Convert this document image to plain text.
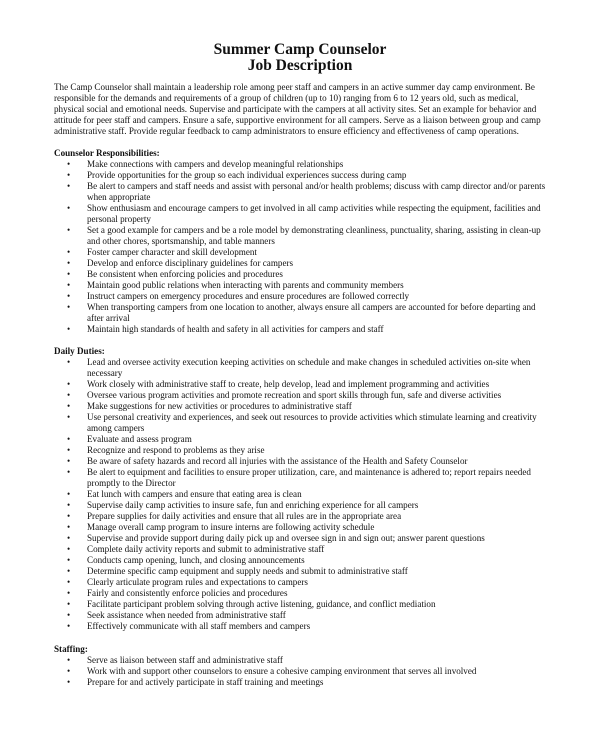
Summer Camp Counselor
Job Description

The Camp Counselor shall maintain a leadership role among peer staff and campers in an active summer day camp environment. Be responsible for the demands and requirements of a group of children (up to 10) ranging from 6 to 12 years old, such as medical, physical social and emotional needs. Supervise and participate with the campers at all activity sites. Set an example for behavior and attitude for peer staff and campers. Ensure a safe, supportive environment for all campers. Serve as a liaison between group and camp administrative staff. Provide regular feedback to camp administrators to ensure efficiency and effectiveness of camp operations.

Counselor Responsibilities:
• Make connections with campers and develop meaningful relationships
• Provide opportunities for the group so each individual experiences success during camp
• Be alert to campers and staff needs and assist with personal and/or health problems; discuss with camp director and/or parents when appropriate
• Show enthusiasm and encourage campers to get involved in all camp activities while respecting the equipment, facilities and personal property
• Set a good example for campers and be a role model by demonstrating cleanliness, punctuality, sharing, assisting in clean-up and other chores, sportsmanship, and table manners
• Foster camper character and skill development
• Develop and enforce disciplinary guidelines for campers
• Be consistent when enforcing policies and procedures
• Maintain good public relations when interacting with parents and community members
• Instruct campers on emergency procedures and ensure procedures are followed correctly
• When transporting campers from one location to another, always ensure all campers are accounted for before departing and after arrival
• Maintain high standards of health and safety in all activities for campers and staff
Daily Duties:
• Lead and oversee activity execution keeping activities on schedule and make changes in scheduled activities on-site when necessary
• Work closely with administrative staff to create, help develop, lead and implement programming and activities
• Oversee various program activities and promote recreation and sport skills through fun, safe and diverse activities
• Make suggestions for new activities or procedures to administrative staff
• Use personal creativity and experiences, and seek out resources to provide activities which stimulate learning and creativity among campers
• Evaluate and assess program
• Recognize and respond to problems as they arise
• Be aware of safety hazards and record all injuries with the assistance of the Health and Safety Counselor
• Be alert to equipment and facilities to ensure proper utilization, care, and maintenance is adhered to; report repairs needed promptly to the Director
• Eat lunch with campers and ensure that eating area is clean
• Supervise daily camp activities to insure safe, fun and enriching experience for all campers
• Prepare supplies for daily activities and ensure that all rules are in the appropriate area
• Manage overall camp program to insure interns are following activity schedule
• Supervise and provide support during daily pick up and oversee sign in and sign out; answer parent questions
• Complete daily activity reports and submit to administrative staff
• Conducts camp opening, lunch, and closing announcements
• Determine specific camp equipment and supply needs and submit to administrative staff
• Clearly articulate program rules and expectations to campers
• Fairly and consistently enforce policies and procedures
• Facilitate participant problem solving through active listening, guidance, and conflict mediation
• Seek assistance when needed from administrative staff
• Effectively communicate with all staff members and campers
Staffing:
• Serve as liaison between staff and administrative staff
• Work with and support other counselors to ensure a cohesive camping environment that serves all involved
• Prepare for and actively participate in staff training and meetings
